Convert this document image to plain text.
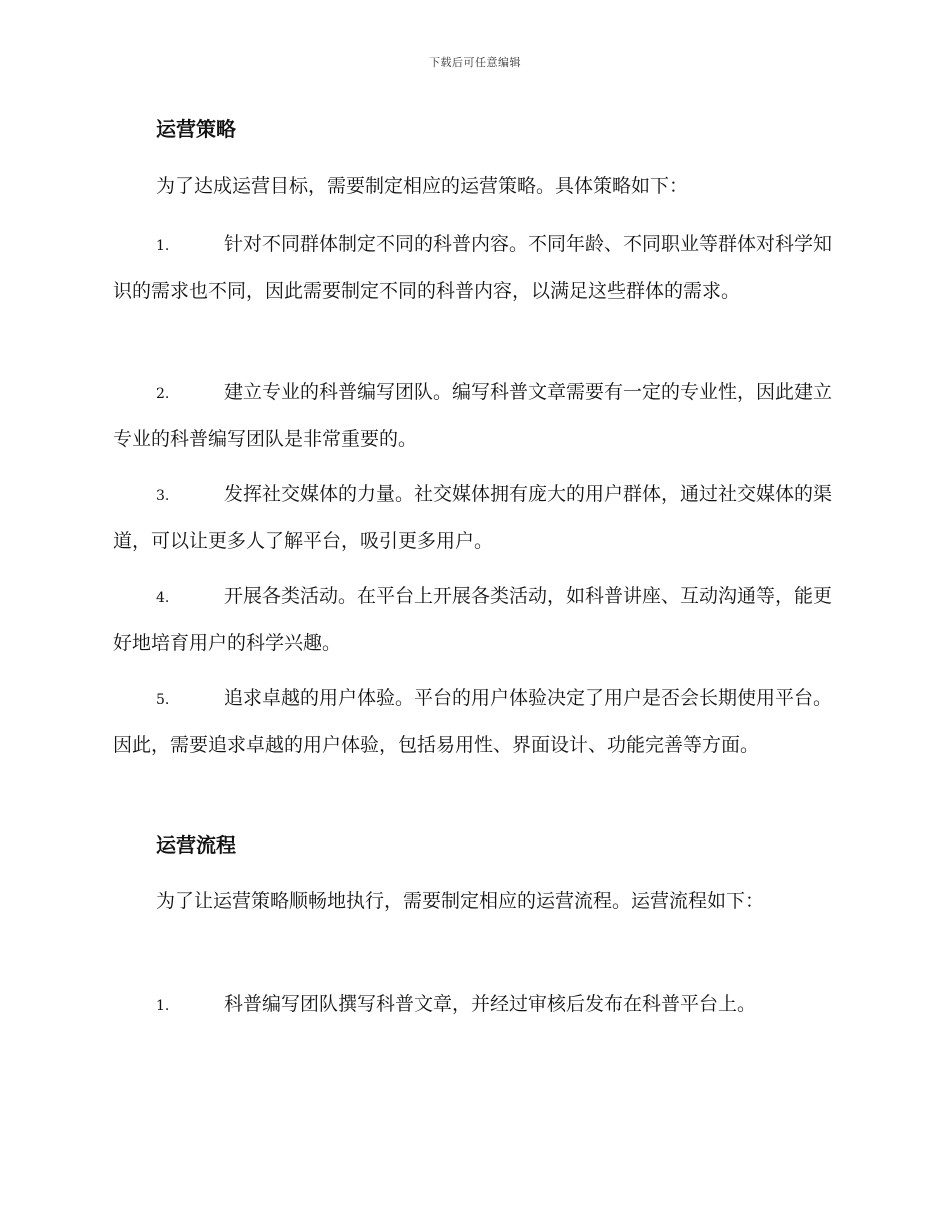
下载后可任意编辑
运营策略
为了达成运营目标，需要制定相应的运营策略。具体策略如下：
1.	针对不同群体制定不同的科普内容。不同年龄、不同职业等群体对科学知识的需求也不同，因此需要制定不同的科普内容，以满足这些群体的需求。
2.	建立专业的科普编写团队。编写科普文章需要有一定的专业性，因此建立专业的科普编写团队是非常重要的。
3.	发挥社交媒体的力量。社交媒体拥有庞大的用户群体，通过社交媒体的渠道，可以让更多人了解平台，吸引更多用户。
4.	开展各类活动。在平台上开展各类活动，如科普讲座、互动沟通等，能更好地培育用户的科学兴趣。
5.	追求卓越的用户体验。平台的用户体验决定了用户是否会长期使用平台。因此，需要追求卓越的用户体验，包括易用性、界面设计、功能完善等方面。
运营流程
为了让运营策略顺畅地执行，需要制定相应的运营流程。运营流程如下：
1.	科普编写团队撰写科普文章，并经过审核后发布在科普平台上。
